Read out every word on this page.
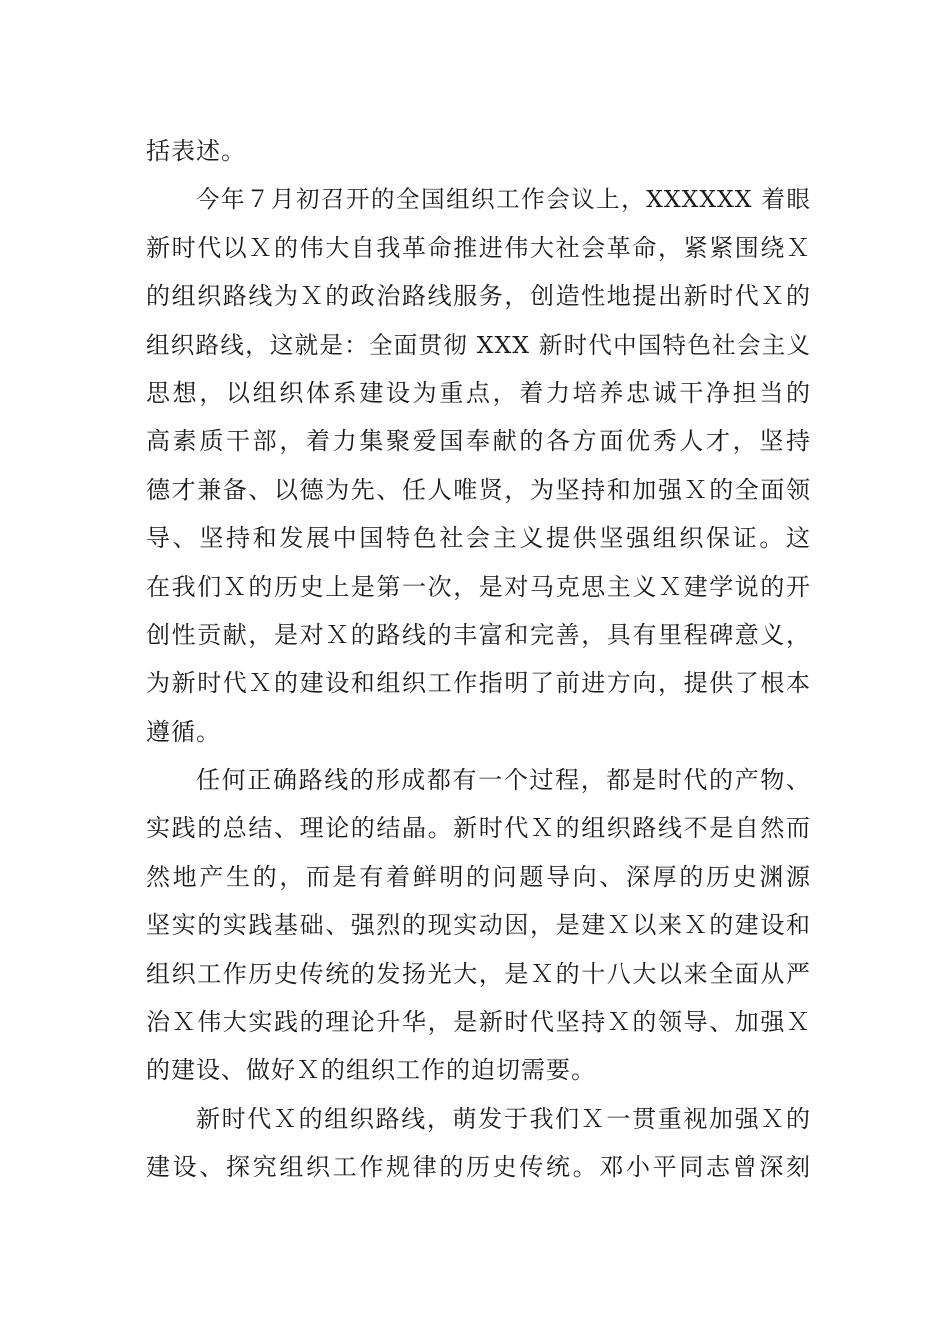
括表述。
今年７月初召开的全国组织工作会议上，XXXXXX 着眼
新时代以Ｘ的伟大自我革命推进伟大社会革命，紧紧围绕Ｘ
的组织路线为Ｘ的政治路线服务，创造性地提出新时代Ｘ的
组织路线，这就是：全面贯彻 XXX 新时代中国特色社会主义
思想，以组织体系建设为重点，着力培养忠诚干净担当的
高素质干部，着力集聚爱国奉献的各方面优秀人才，坚持
德才兼备、以德为先、任人唯贤，为坚持和加强Ｘ的全面领
导、坚持和发展中国特色社会主义提供坚强组织保证。这
在我们Ｘ的历史上是第一次，是对马克思主义Ｘ建学说的开
创性贡献，是对Ｘ的路线的丰富和完善，具有里程碑意义，
为新时代Ｘ的建设和组织工作指明了前进方向，提供了根本
遵循。
任何正确路线的形成都有一个过程，都是时代的产物、
实践的总结、理论的结晶。新时代Ｘ的组织路线不是自然而
然地产生的，而是有着鲜明的问题导向、深厚的历史渊源
坚实的实践基础、强烈的现实动因，是建Ｘ以来Ｘ的建设和
组织工作历史传统的发扬光大，是Ｘ的十八大以来全面从严
治Ｘ伟大实践的理论升华，是新时代坚持Ｘ的领导、加强Ｘ
的建设、做好Ｘ的组织工作的迫切需要。
新时代Ｘ的组织路线，萌发于我们Ｘ一贯重视加强Ｘ的
建设、探究组织工作规律的历史传统。邓小平同志曾深刻
